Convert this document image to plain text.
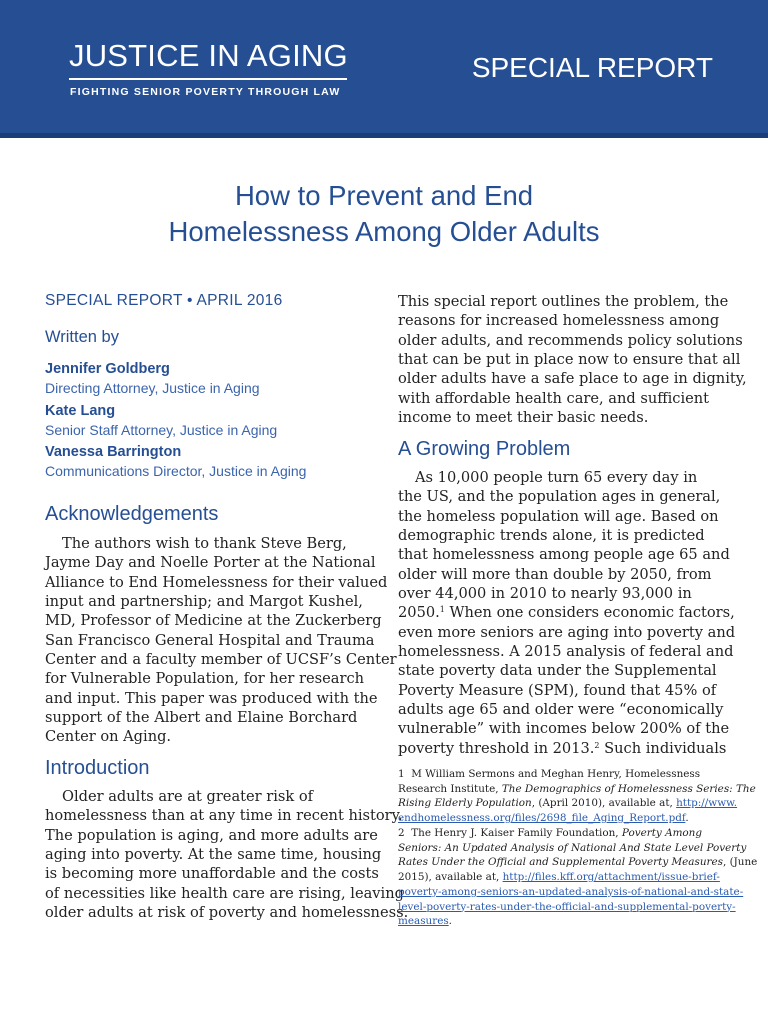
JUSTICE IN AGING
FIGHTING SENIOR POVERTY THROUGH LAW
SPECIAL REPORT
How to Prevent and End
Homelessness Among Older Adults
SPECIAL REPORT • APRIL 2016
Written by
Jennifer Goldberg
Directing Attorney, Justice in Aging
Kate Lang
Senior Staff Attorney, Justice in Aging
Vanessa Barrington
Communications Director, Justice in Aging
Acknowledgements
The authors wish to thank Steve Berg,
Jayme Day and Noelle Porter at the National
Alliance to End Homelessness for their valued
input and partnership; and Margot Kushel,
MD, Professor of Medicine at the Zuckerberg
San Francisco General Hospital and Trauma
Center and a faculty member of UCSF’s Center
for Vulnerable Population, for her research
and input. This paper was produced with the
support of the Albert and Elaine Borchard
Center on Aging.
Introduction
Older adults are at greater risk of
homelessness than at any time in recent history.
The population is aging, and more adults are
aging into poverty. At the same time, housing
is becoming more unaffordable and the costs
of necessities like health care are rising, leaving
older adults at risk of poverty and homelessness.
This special report outlines the problem, the
reasons for increased homelessness among
older adults, and recommends policy solutions
that can be put in place now to ensure that all
older adults have a safe place to age in dignity,
with affordable health care, and sufficient
income to meet their basic needs.
A Growing Problem
As 10,000 people turn 65 every day in
the US, and the population ages in general,
the homeless population will age. Based on
demographic trends alone, it is predicted
that homelessness among people age 65 and
older will more than double by 2050, from
over 44,000 in 2010 to nearly 93,000 in
2050.$^1$ When one considers economic factors,
even more seniors are aging into poverty and
homelessness. A 2015 analysis of federal and
state poverty data under the Supplemental
Poverty Measure (SPM), found that 45% of
adults age 65 and older were “economically
vulnerable” with incomes below 200% of the
poverty threshold in 2013.$^2$ Such individuals
1 M William Sermons and Meghan Henry, Homelessness
Research Institute, The Demographics of Homelessness Series: The
Rising Elderly Population, (April 2010), available at, http://www.
endhomelessness.org/files/2698_file_Aging_Report.pdf.
2 The Henry J. Kaiser Family Foundation, Poverty Among
Seniors: An Updated Analysis of National And State Level Poverty
Rates Under the Official and Supplemental Poverty Measures, (June
2015), available at, http://files.kff.org/attachment/issue-brief-
poverty-among-seniors-an-updated-analysis-of-national-and-state-
level-poverty-rates-under-the-official-and-supplemental-poverty-
measures.
